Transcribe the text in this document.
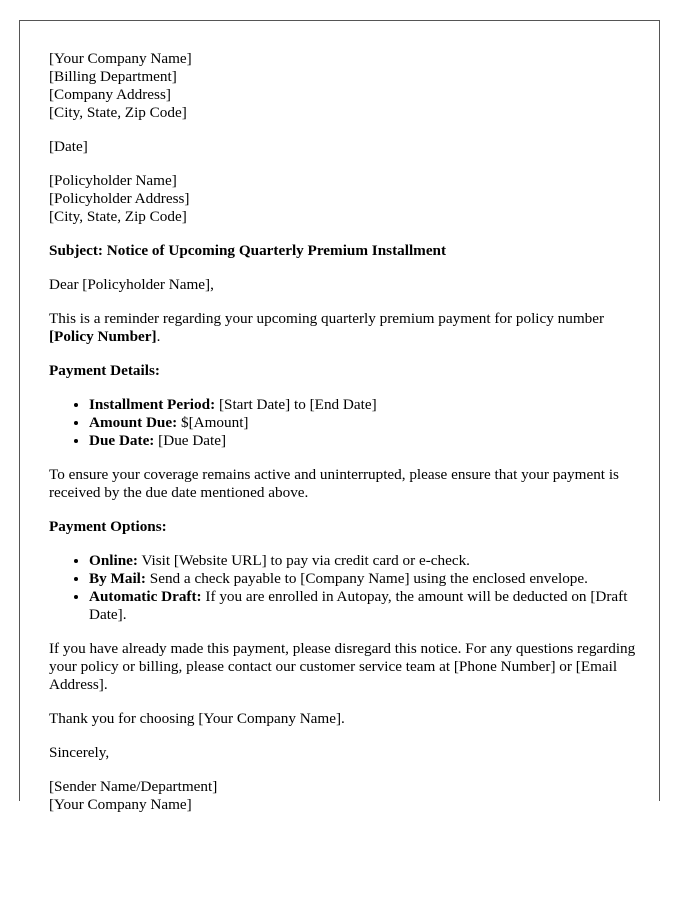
[Your Company Name]
[Billing Department]
[Company Address]
[City, State, Zip Code]
[Date]
[Policyholder Name]
[Policyholder Address]
[City, State, Zip Code]

Subject: Notice of Upcoming Quarterly Premium Installment

Dear [Policyholder Name],

This is a reminder regarding your upcoming quarterly premium payment for policy number [Policy Number].

Payment Details:

• Installment Period: [Start Date] to [End Date]
• Amount Due: $[Amount]
• Due Date: [Due Date]

To ensure your coverage remains active and uninterrupted, please ensure that your payment is received by the due date mentioned above.

Payment Options:

• Online: Visit [Website URL] to pay via credit card or e-check.
• By Mail: Send a check payable to [Company Name] using the enclosed envelope.
• Automatic Draft: If you are enrolled in Autopay, the amount will be deducted on [Draft Date].

If you have already made this payment, please disregard this notice. For any questions regarding your policy or billing, please contact our customer service team at [Phone Number] or [Email Address].

Thank you for choosing [Your Company Name].

Sincerely,

[Sender Name/Department]
[Your Company Name]
